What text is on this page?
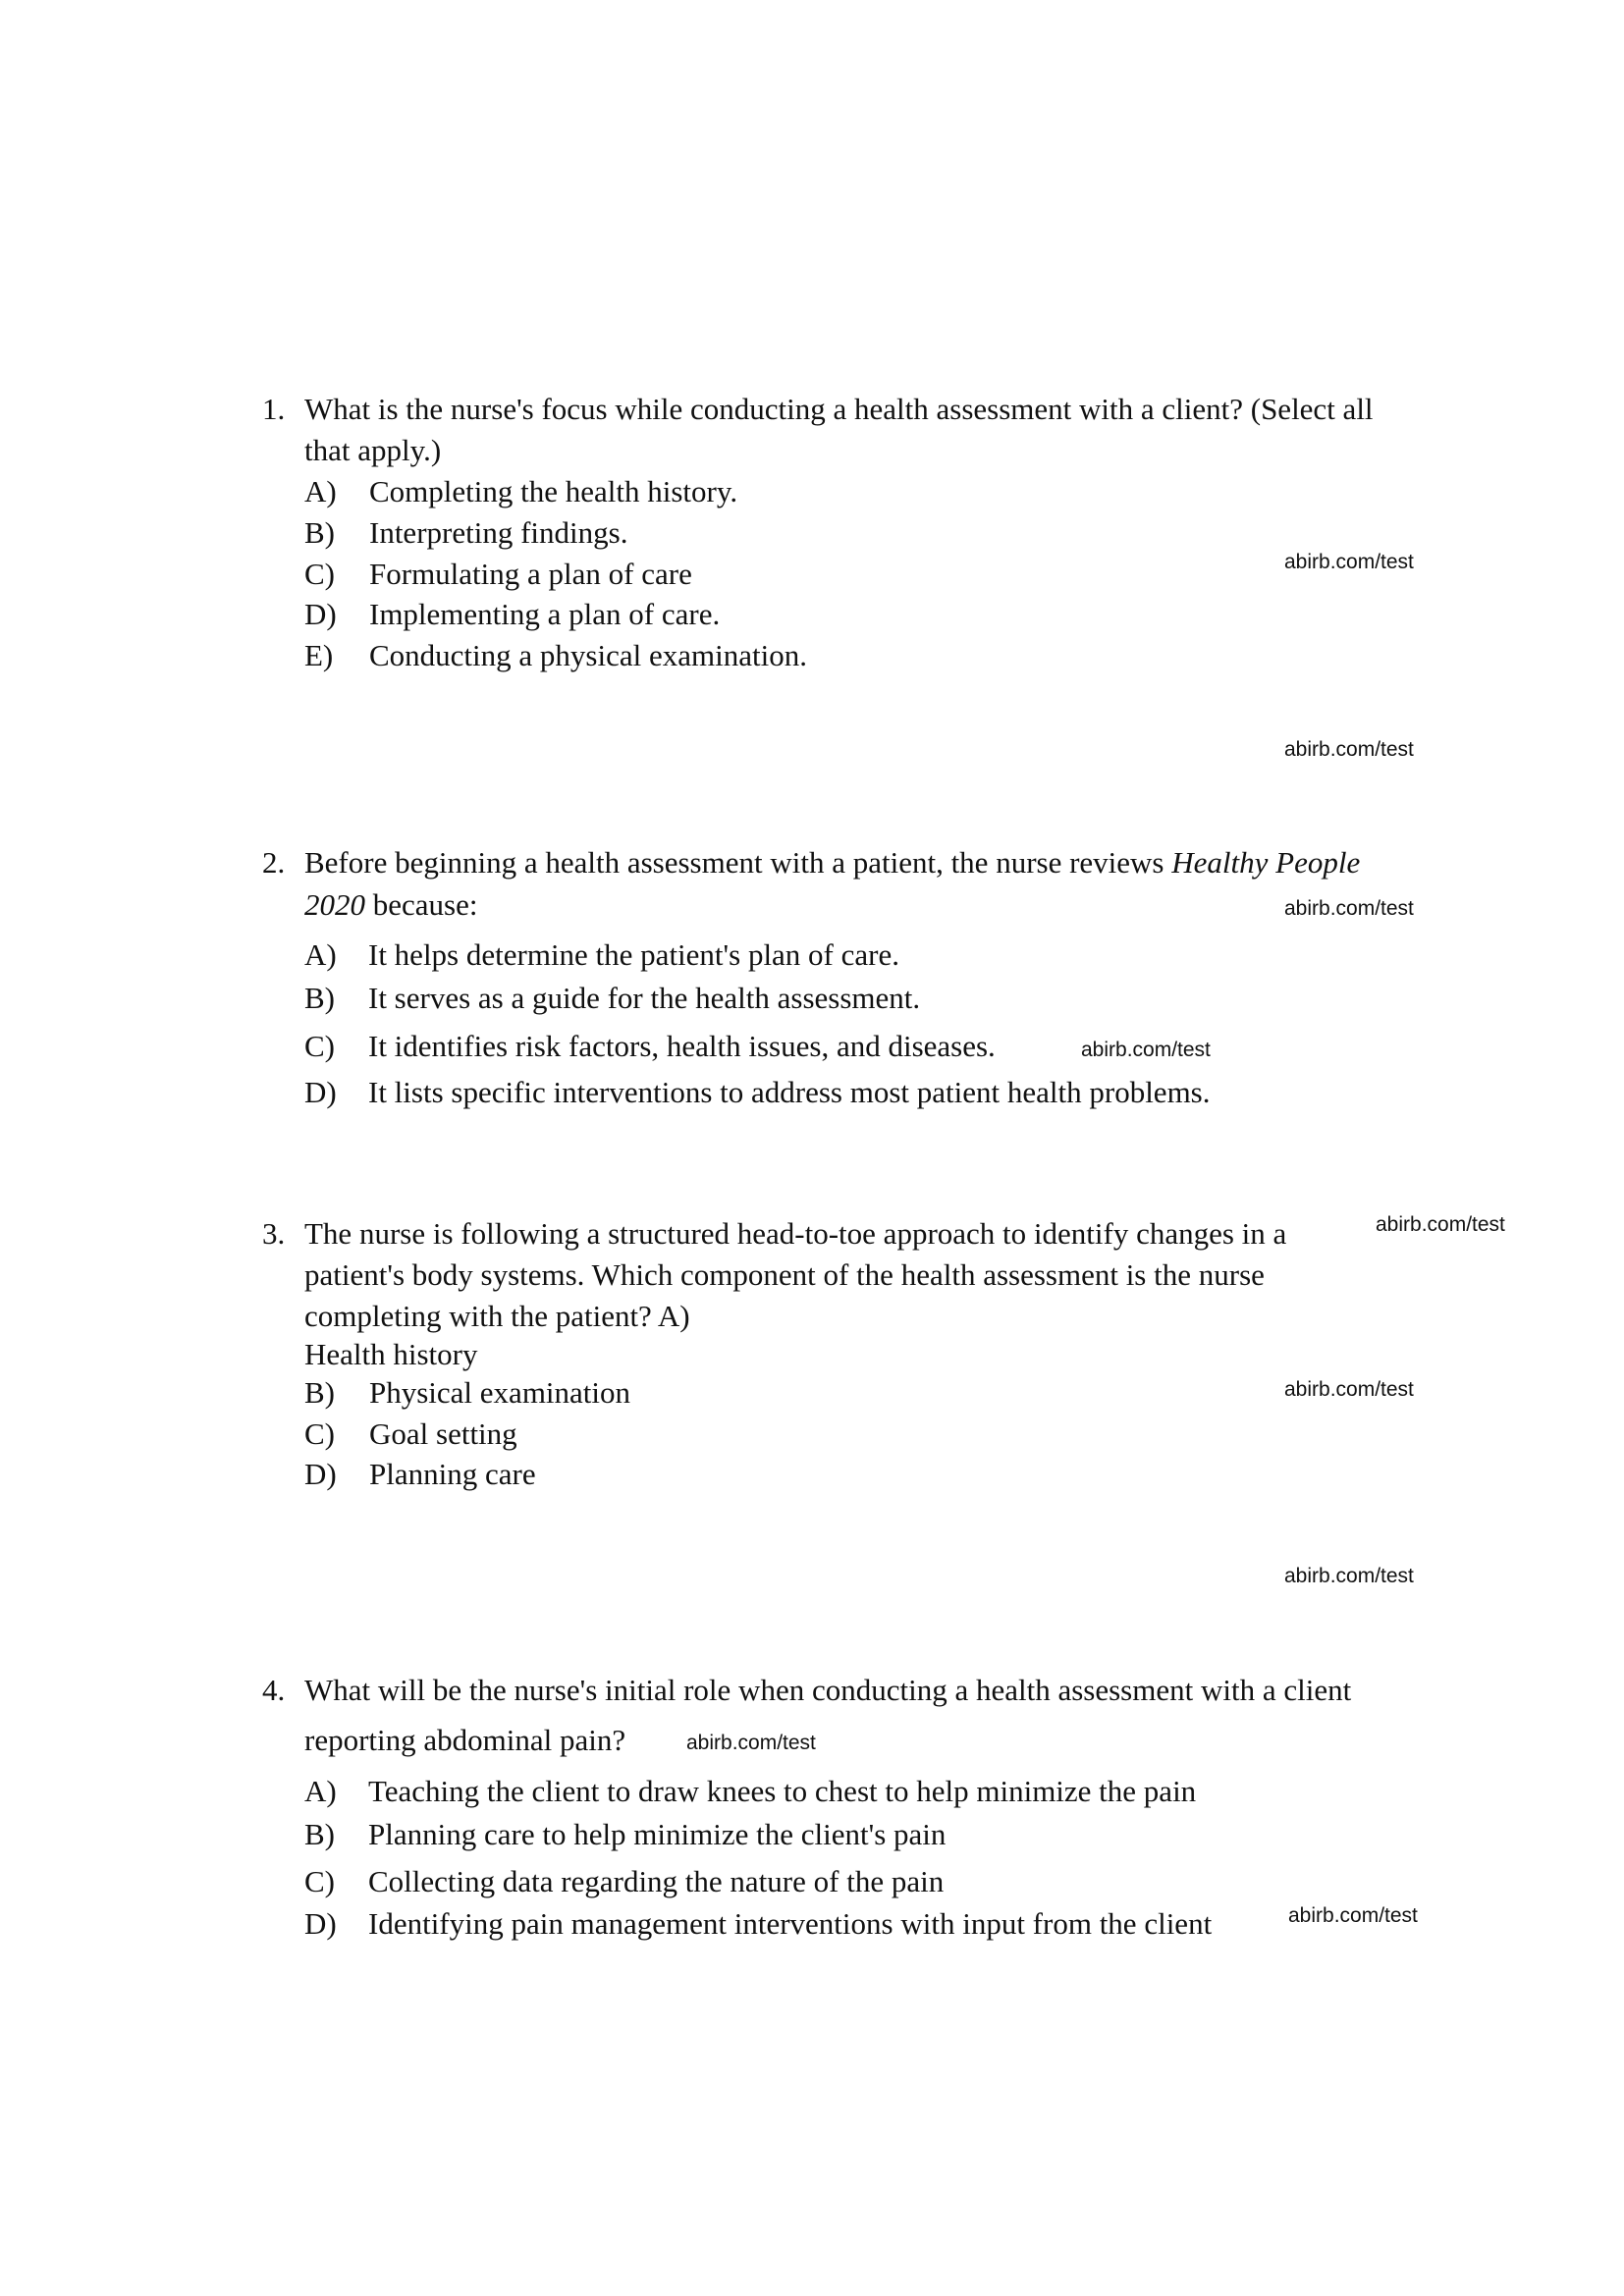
1. What is the nurse's focus while conducting a health assessment with a client? (Select all
that apply.)
A) Completing the health history.
B) Interpreting findings.
C) Formulating a plan of care
D) Implementing a plan of care.
E) Conducting a physical examination.
abirb.com/test
abirb.com/test
2. Before beginning a health assessment with a patient, the nurse reviews Healthy People
2020 because:
A) It helps determine the patient's plan of care.
B) It serves as a guide for the health assessment.
C) It identifies risk factors, health issues, and diseases.
D) It lists specific interventions to address most patient health problems.
abirb.com/test
abirb.com/test
3. The nurse is following a structured head-to-toe approach to identify changes in a
patient's body systems. Which component of the health assessment is the nurse
completing with the patient? A)
Health history
B) Physical examination
C) Goal setting
D) Planning care
abirb.com/test
abirb.com/test
abirb.com/test
4. What will be the nurse's initial role when conducting a health assessment with a client
reporting abdominal pain?
A) Teaching the client to draw knees to chest to help minimize the pain
B) Planning care to help minimize the client's pain
C) Collecting data regarding the nature of the pain
D) Identifying pain management interventions with input from the client
abirb.com/test
abirb.com/test
